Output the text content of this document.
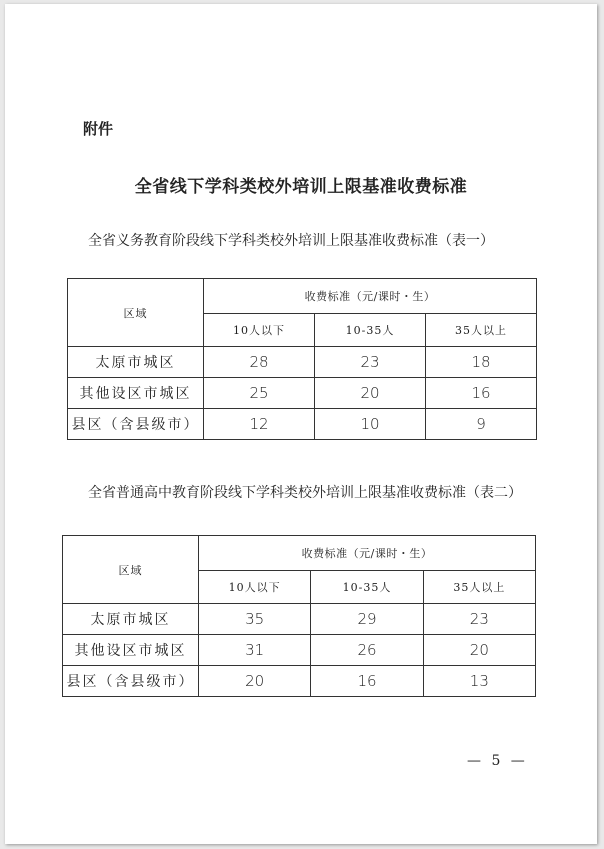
附件
全省线下学科类校外培训上限基准收费标准
全省义务教育阶段线下学科类校外培训上限基准收费标准（表一）
区域	收费标准（元/课时・生）		
	10人以下	10-35人	35人以上
太原市城区	28	23	18
其他设区市城区	25	20	16
县区（含县级市）	12	10	9
全省普通高中教育阶段线下学科类校外培训上限基准收费标准（表二）
区域	收费标准（元/课时・生）		
	10人以下	10-35人	35人以上
太原市城区	35	29	23
其他设区市城区	31	26	20
县区（含县级市）	20	16	13
— 5 —
